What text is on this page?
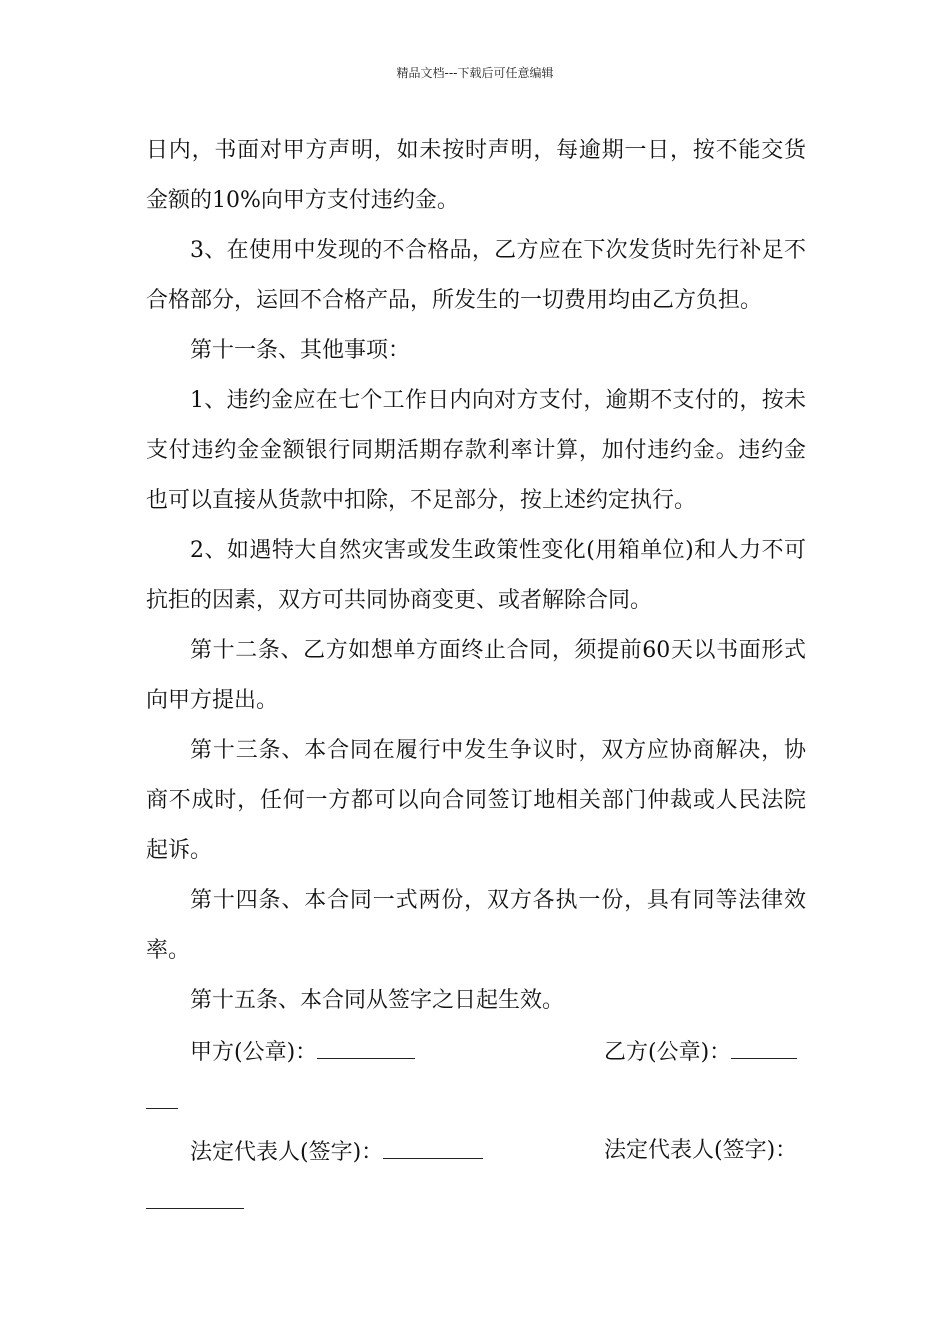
精品文档---下载后可任意编辑
日内，书面对甲方声明，如未按时声明，每逾期一日，按不能交货
金额的10%向甲方支付违约金。
3、在使用中发现的不合格品，乙方应在下次发货时先行补足不
合格部分，运回不合格产品，所发生的一切费用均由乙方负担。
第十一条、其他事项：
1、违约金应在七个工作日内向对方支付，逾期不支付的，按未
支付违约金金额银行同期活期存款利率计算，加付违约金。违约金
也可以直接从货款中扣除，不足部分，按上述约定执行。
2、如遇特大自然灾害或发生政策性变化(用箱单位)和人力不可
抗拒的因素，双方可共同协商变更、或者解除合同。
第十二条、乙方如想单方面终止合同，须提前60天以书面形式
向甲方提出。
第十三条、本合同在履行中发生争议时，双方应协商解决，协
商不成时，任何一方都可以向合同签订地相关部门仲裁或人民法院
起诉。
第十四条、本合同一式两份，双方各执一份，具有同等法律效
率。
第十五条、本合同从签字之日起生效。
甲方(公章)：	乙方(公章)：
法定代表人(签字)：	法定代表人(签字)：
